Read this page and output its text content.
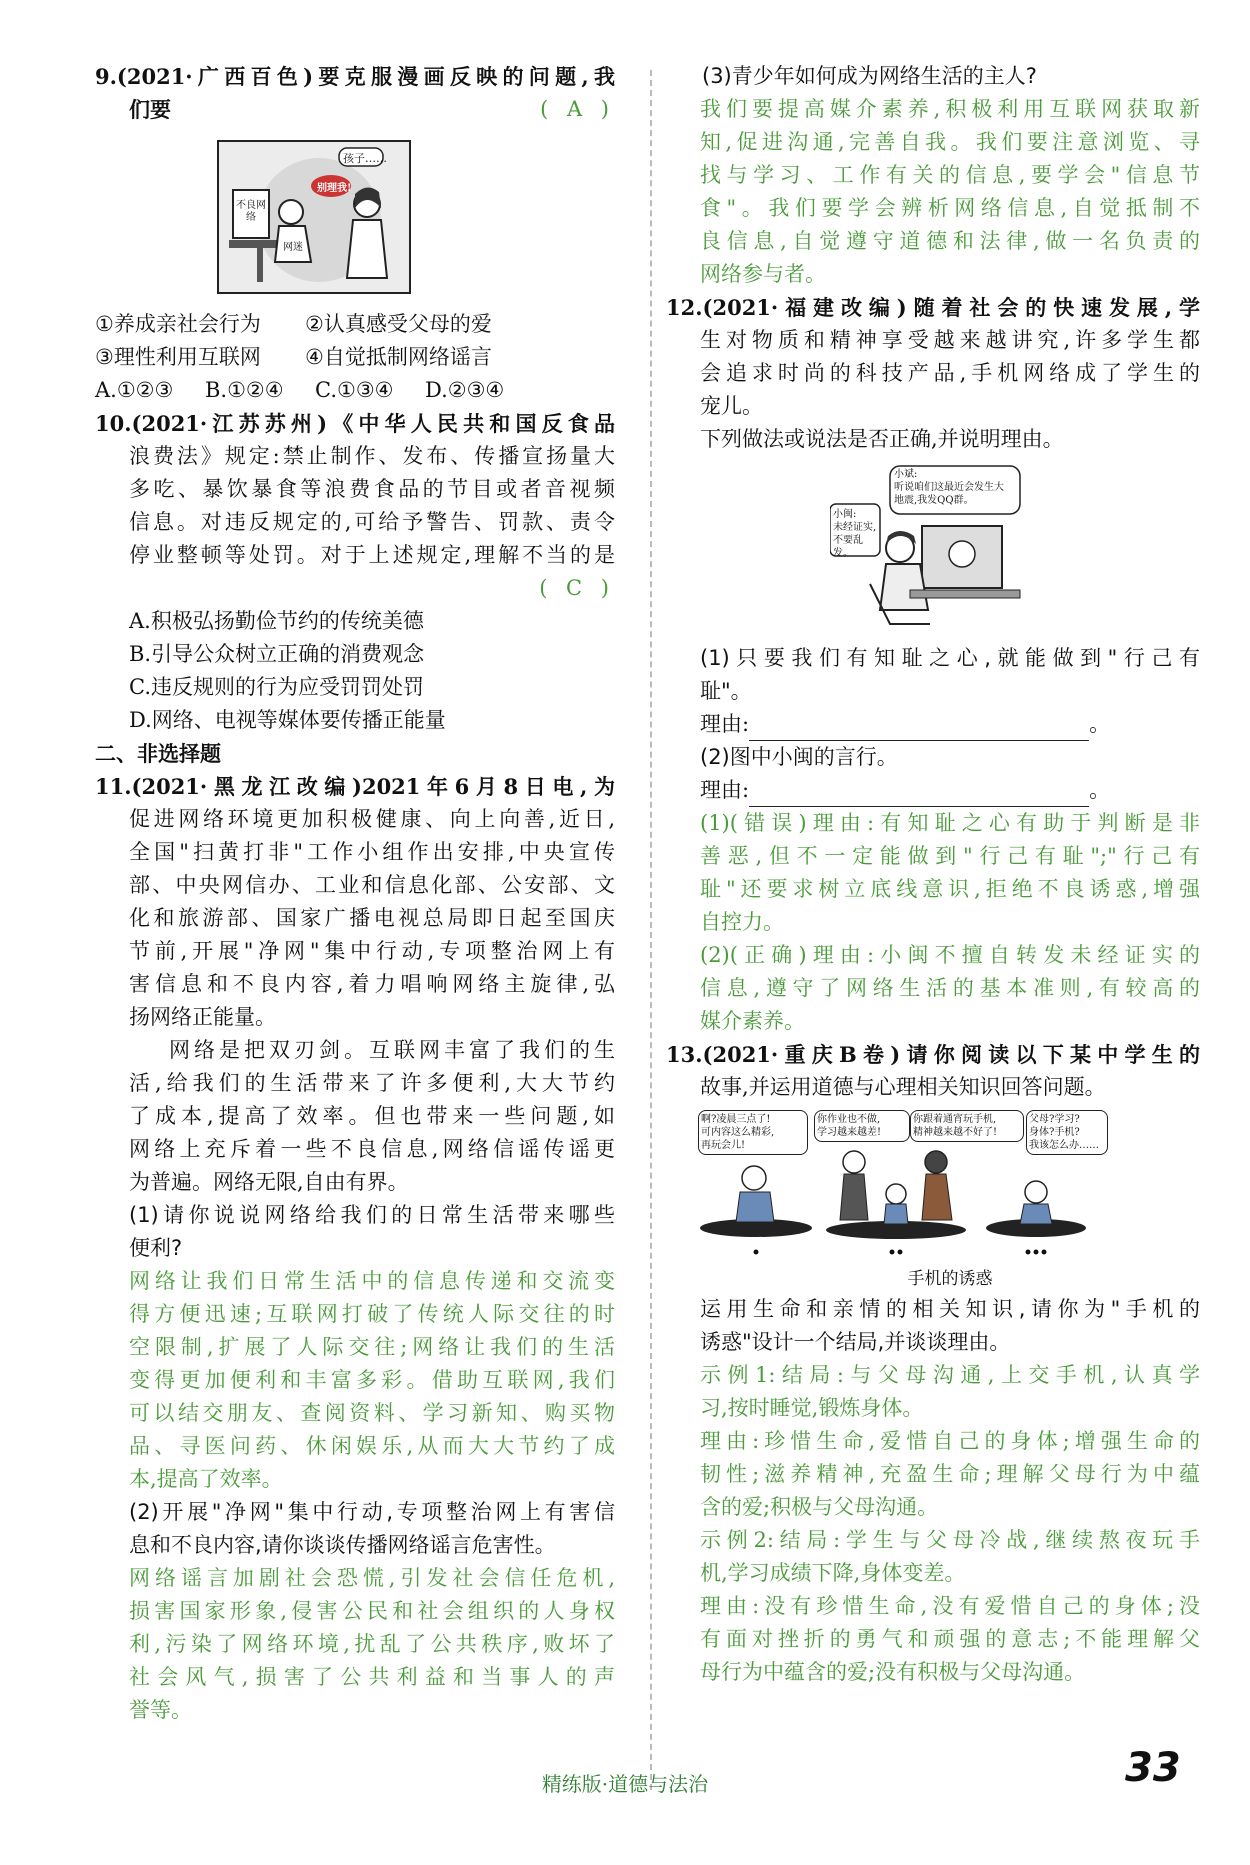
9.(2021·广西百色)要克服漫画反映的问题,我
们要	( A )
孩子……
别理我!
不良网络
网迷
①养成亲社会行为	②认真感受父母的爱
③理性利用互联网	④自觉抵制网络谣言
A.①②③	B.①②④	C.①③④	D.②③④
10.(2021·江苏苏州)《中华人民共和国反食品
浪费法》规定:禁止制作、发布、传播宣扬量大
多吃、暴饮暴食等浪费食品的节目或者音视频
信息。对违反规定的,可给予警告、罚款、责令
停业整顿等处罚。对于上述规定,理解不当的是
( C )
A.积极弘扬勤俭节约的传统美德
B.引导公众树立正确的消费观念
C.违反规则的行为应受罚罚处罚
D.网络、电视等媒体要传播正能量
二、非选择题
11.(2021·黑龙江改编)2021年6月8日电,为
促进网络环境更加积极健康、向上向善,近日,
全国"扫黄打非"工作小组作出安排,中央宣传
部、中央网信办、工业和信息化部、公安部、文
化和旅游部、国家广播电视总局即日起至国庆
节前,开展"净网"集中行动,专项整治网上有
害信息和不良内容,着力唱响网络主旋律,弘
扬网络正能量。
网络是把双刃剑。互联网丰富了我们的生
活,给我们的生活带来了许多便利,大大节约
了成本,提高了效率。但也带来一些问题,如
网络上充斥着一些不良信息,网络信谣传谣更
为普遍。网络无限,自由有界。
(1)请你说说网络给我们的日常生活带来哪些
便利?
网络让我们日常生活中的信息传递和交流变
得方便迅速;互联网打破了传统人际交往的时
空限制,扩展了人际交往;网络让我们的生活
变得更加便利和丰富多彩。借助互联网,我们
可以结交朋友、查阅资料、学习新知、购买物
品、寻医问药、休闲娱乐,从而大大节约了成
本,提高了效率。
(2)开展"净网"集中行动,专项整治网上有害信
息和不良内容,请你谈谈传播网络谣言危害性。
网络谣言加剧社会恐慌,引发社会信任危机,
损害国家形象,侵害公民和社会组织的人身权
利,污染了网络环境,扰乱了公共秩序,败坏了
社会风气,损害了公共利益和当事人的声
誉等。
(3)青少年如何成为网络生活的主人?
我们要提高媒介素养,积极利用互联网获取新
知,促进沟通,完善自我。我们要注意浏览、寻
找与学习、工作有关的信息,要学会"信息节
食"。我们要学会辨析网络信息,自觉抵制不
良信息,自觉遵守道德和法律,做一名负责的
网络参与者。
12.(2021·福建改编)随着社会的快速发展,学
生对物质和精神享受越来越讲究,许多学生都
会追求时尚的科技产品,手机网络成了学生的
宠儿。
下列做法或说法是否正确,并说明理由。
小斌:
听说咱们这最近会发生大
地震,我发QQ群。
小闽:
未经证实,
不要乱发。
(1)只要我们有知耻之心,就能做到"行己有
耻"。
理由:	。
(2)图中小闽的言行。
理由:	。
(1)(错误)理由:有知耻之心有助于判断是非
善恶,但不一定能做到"行己有耻";"行己有
耻"还要求树立底线意识,拒绝不良诱惑,增强
自控力。
(2)(正确)理由:小闽不擅自转发未经证实的
信息,遵守了网络生活的基本准则,有较高的
媒介素养。
13.(2021·重庆B卷)请你阅读以下某中学生的
故事,并运用道德与心理相关知识回答问题。
啊?凌晨三点了!
可内容这么精彩,
再玩会儿!
你作业也不做,
学习越来越差!
你跟着通宵玩手机,
精神越来越不好了!
父母?学习?
身体?手机?
我该怎么办……
手机的诱惑
运用生命和亲情的相关知识,请你为"手机的
诱惑"设计一个结局,并谈谈理由。
示例1:结局:与父母沟通,上交手机,认真学
习,按时睡觉,锻炼身体。
理由:珍惜生命,爱惜自己的身体;增强生命的
韧性;滋养精神,充盈生命;理解父母行为中蕴
含的爱;积极与父母沟通。
示例2:结局:学生与父母冷战,继续熬夜玩手
机,学习成绩下降,身体变差。
理由:没有珍惜生命,没有爱惜自己的身体;没
有面对挫折的勇气和顽强的意志;不能理解父
母行为中蕴含的爱;没有积极与父母沟通。
精练版·道德与法治	33
